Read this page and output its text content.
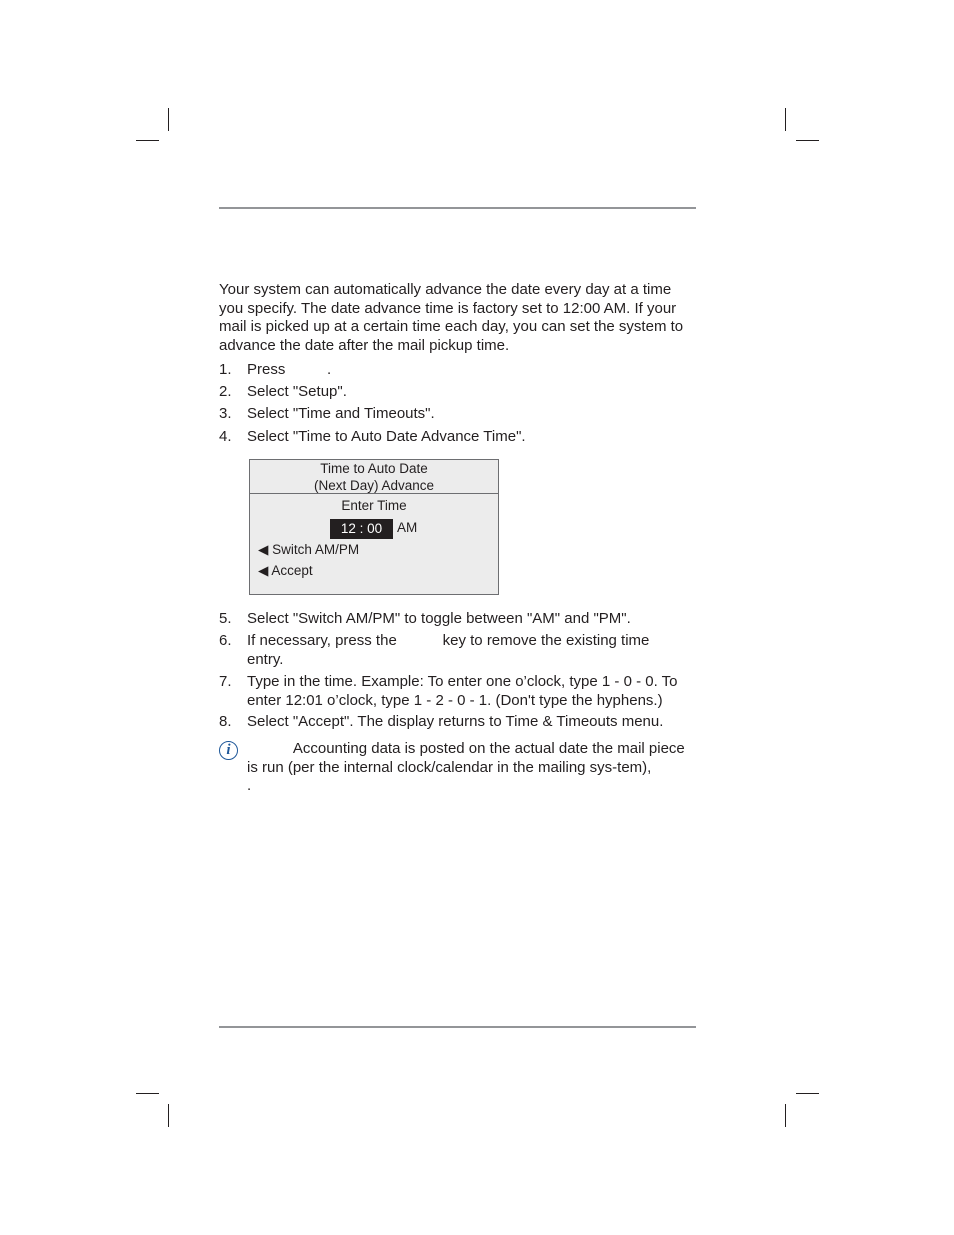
Your system can automatically advance the date every day at a time you specify. The date advance time is factory set to 12:00 AM. If your mail is picked up at a certain time each day, you can set the system to advance the date after the mail pickup time.

1. Press          .
2. Select "Setup".
3. Select "Time and Timeouts".
4. Select "Time to Auto Date Advance Time".
Time to Auto Date
(Next Day) Advance
Enter Time
12 : 00	AM
◀ Switch AM/PM
◀ Accept
5. Select "Switch AM/PM" to toggle between "AM" and "PM".
6. If necessary, press the           key to remove the existing time entry.
7. Type in the time. Example: To enter one o’clock, type 1 - 0 - 0. To enter 12:01 o’clock, type 1 - 2 - 0 - 1. (Don't type the hyphens.)
8. Select "Accept". The display returns to Time & Timeouts menu.
i	Accounting data is posted on the actual date the mail piece is run (per the internal clock/calendar in the mailing sys-tem),                                                                     .
